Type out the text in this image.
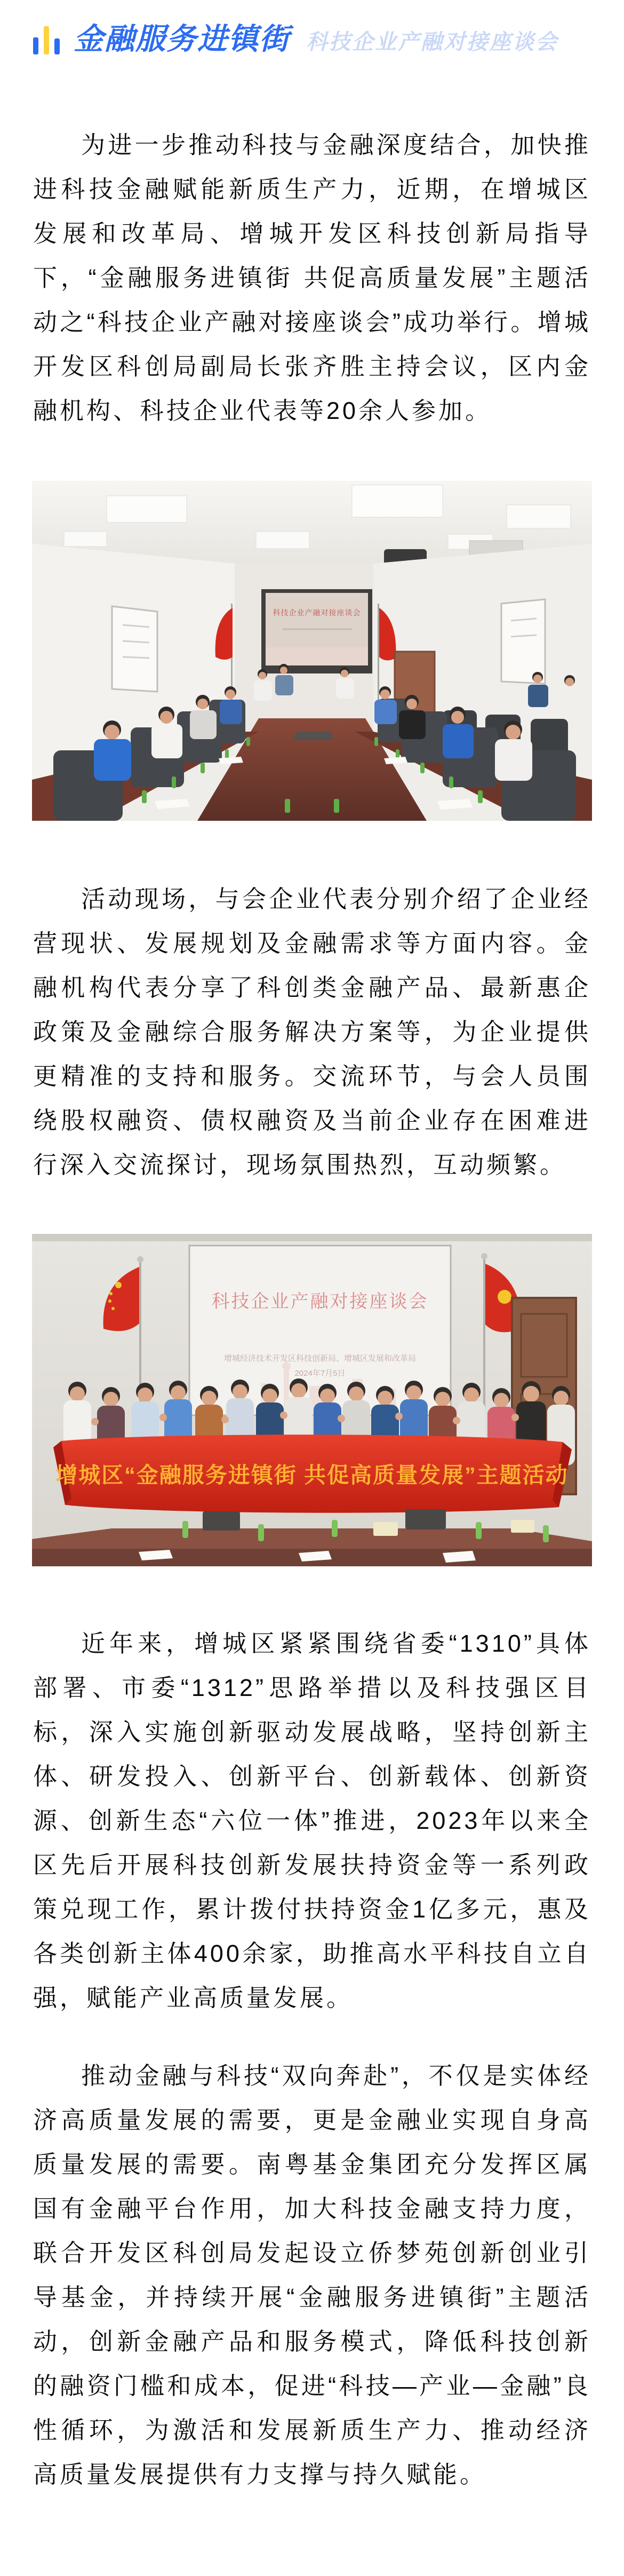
金融服务进镇街 科技企业产融对接座谈会

为进一步推动科技与金融深度结合，加快推进科技金融赋能新质生产力，近期，在增城区发展和改革局、增城开发区科技创新局指导下，“金融服务进镇街 共促高质量发展”主题活动之“科技企业产融对接座谈会”成功举行。增城开发区科创局副局长张齐胜主持会议，区内金融机构、科技企业代表等20余人参加。

科技企业产融对接座谈会

活动现场，与会企业代表分别介绍了企业经营现状、发展规划及金融需求等方面内容。金融机构代表分享了科创类金融产品、最新惠企政策及金融综合服务解决方案等，为企业提供更精准的支持和服务。交流环节，与会人员围绕股权融资、债权融资及当前企业存在困难进行深入交流探讨，现场氛围热烈，互动频繁。

科技企业产融对接座谈会
增城经济技术开发区科技创新局、增城区发展和改革局
2024年7月5日
增城区“金融服务进镇街 共促高质量发展”主题活动

近年来，增城区紧紧围绕省委“1310”具体部署、市委“1312”思路举措以及科技强区目标，深入实施创新驱动发展战略，坚持创新主体、研发投入、创新平台、创新载体、创新资源、创新生态“六位一体”推进，2023年以来全区先后开展科技创新发展扶持资金等一系列政策兑现工作，累计拨付扶持资金1亿多元，惠及各类创新主体400余家，助推高水平科技自立自强，赋能产业高质量发展。

推动金融与科技“双向奔赴”，不仅是实体经济高质量发展的需要，更是金融业实现自身高质量发展的需要。南粤基金集团充分发挥区属国有金融平台作用，加大科技金融支持力度，联合开发区科创局发起设立侨梦苑创新创业引导基金，并持续开展“金融服务进镇街”主题活动，创新金融产品和服务模式，降低科技创新的融资门槛和成本，促进“科技—产业—金融”良性循环，为激活和发展新质生产力、推动经济高质量发展提供有力支撑与持久赋能。
